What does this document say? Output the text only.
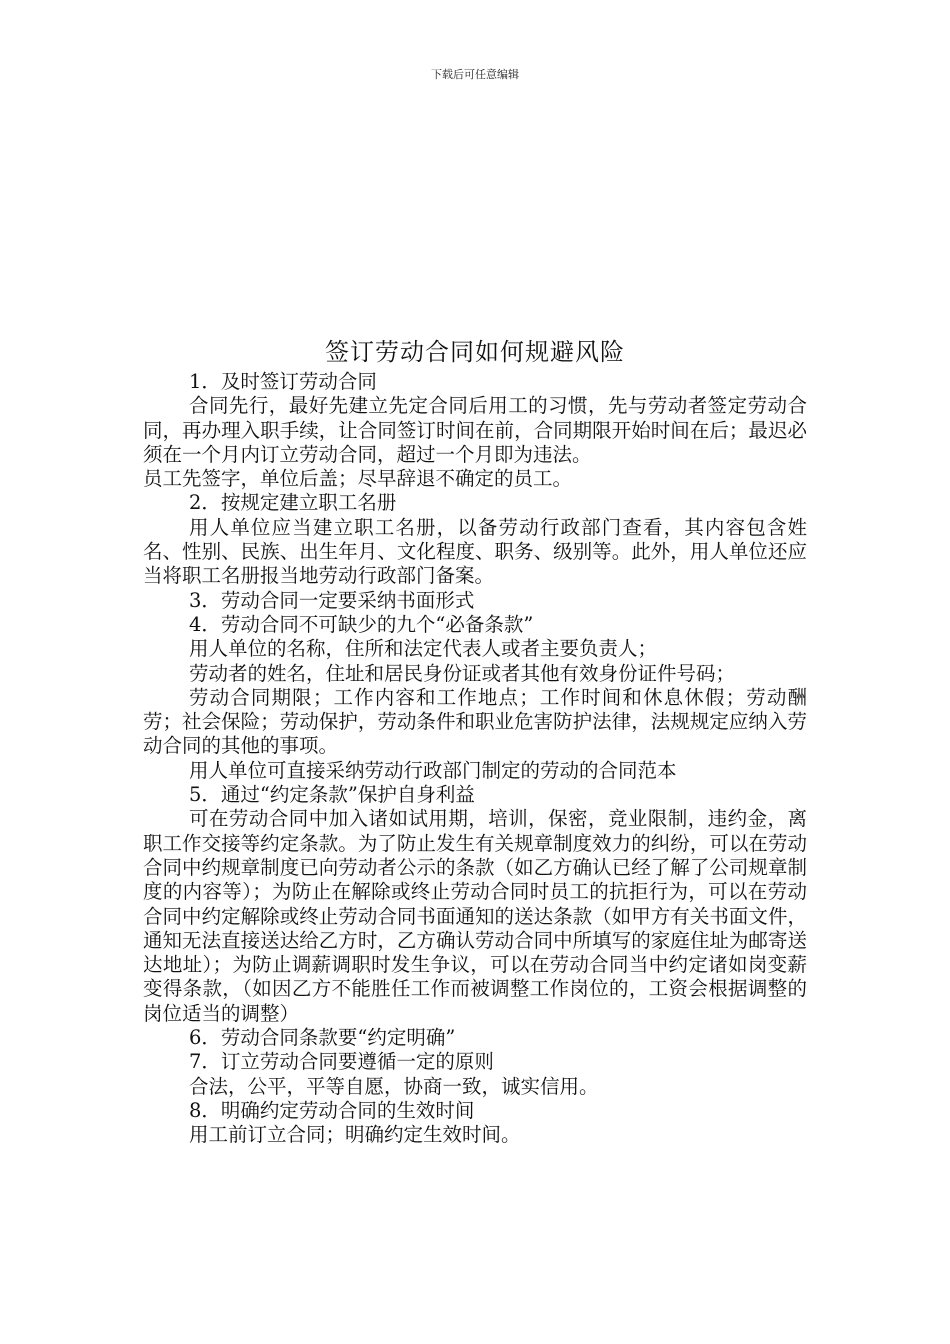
下载后可任意编辑
签订劳动合同如何规避风险

1．及时签订劳动合同

合同先行，最好先建立先定合同后用工的习惯，先与劳动者签定劳动合同，再办理入职手续，让合同签订时间在前，合同期限开始时间在后；最迟必须在一个月内订立劳动合同，超过一个月即为违法。

员工先签字，单位后盖；尽早辞退不确定的员工。

2．按规定建立职工名册

用人单位应当建立职工名册，以备劳动行政部门查看，其内容包含姓名、性别、民族、出生年月、文化程度、职务、级别等。此外，用人单位还应当将职工名册报当地劳动行政部门备案。

3．劳动合同一定要采纳书面形式

4．劳动合同不可缺少的九个“必备条款”

用人单位的名称，住所和法定代表人或者主要负责人；

劳动者的姓名，住址和居民身份证或者其他有效身份证件号码；

劳动合同期限；工作内容和工作地点；工作时间和休息休假；劳动酬劳；社会保险；劳动保护，劳动条件和职业危害防护法律，法规规定应纳入劳动合同的其他的事项。

用人单位可直接采纳劳动行政部门制定的劳动的合同范本

5．通过“约定条款”保护自身利益

可在劳动合同中加入诸如试用期，培训，保密，竞业限制，违约金，离职工作交接等约定条款。为了防止发生有关规章制度效力的纠纷，可以在劳动合同中约规章制度已向劳动者公示的条款（如乙方确认已经了解了公司规章制度的内容等）；为防止在解除或终止劳动合同时员工的抗拒行为，可以在劳动合同中约定解除或终止劳动合同书面通知的送达条款（如甲方有关书面文件，通知无法直接送达给乙方时，乙方确认劳动合同中所填写的家庭住址为邮寄送达地址）；为防止调薪调职时发生争议，可以在劳动合同当中约定诸如岗变薪变得条款，（如因乙方不能胜任工作而被调整工作岗位的，工资会根据调整的岗位适当的调整）

6．劳动合同条款要“约定明确”

7．订立劳动合同要遵循一定的原则

合法，公平，平等自愿，协商一致，诚实信用。

8．明确约定劳动合同的生效时间

用工前订立合同；明确约定生效时间。
